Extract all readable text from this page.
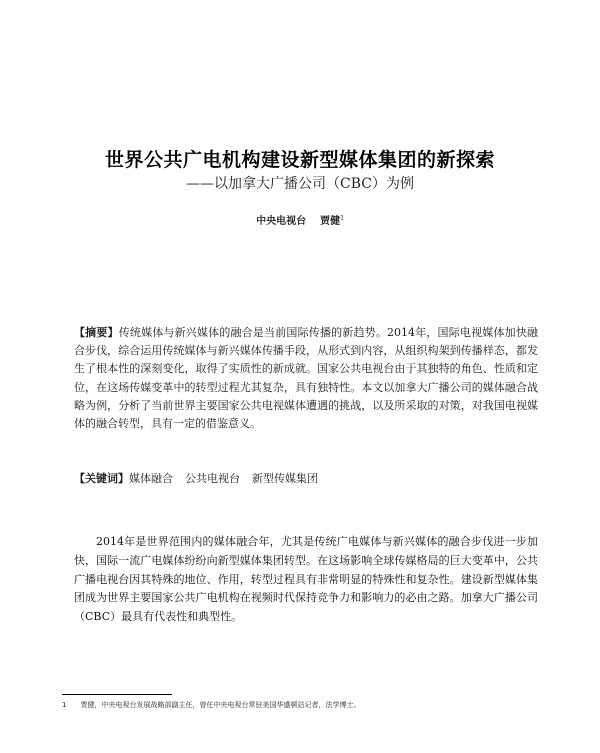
世界公共广电机构建设新型媒体集团的新探索
——以加拿大广播公司（CBC）为例
中央电视台 贾健$^1$
【摘要】传统媒体与新兴媒体的融合是当前国际传播的新趋势。2014年，国际电视媒体加快融合步伐，综合运用传统媒体与新兴媒体传播手段，从形式到内容，从组织构架到传播样态，都发生了根本性的深刻变化，取得了实质性的新成就。国家公共电视台由于其独特的角色、性质和定位，在这场传媒变革中的转型过程尤其复杂，具有独特性。本文以加拿大广播公司的媒体融合战略为例，分析了当前世界主要国家公共电视媒体遭遇的挑战，以及所采取的对策，对我国电视媒体的融合转型，具有一定的借鉴意义。
【关键词】媒体融合 公共电视台 新型传媒集团
2014年是世界范围内的媒体融合年，尤其是传统广电媒体与新兴媒体的融合步伐进一步加快，国际一流广电媒体纷纷向新型媒体集团转型。在这场影响全球传媒格局的巨大变革中，公共广播电视台因其特殊的地位、作用，转型过程具有非常明显的特殊性和复杂性。建设新型媒体集团成为世界主要国家公共广电机构在视频时代保持竞争力和影响力的必由之路。加拿大广播公司（CBC）最具有代表性和典型性。
1 贾健，中央电视台发展战略部副主任，曾任中央电视台常驻美国华盛顿站记者，法学博士。
